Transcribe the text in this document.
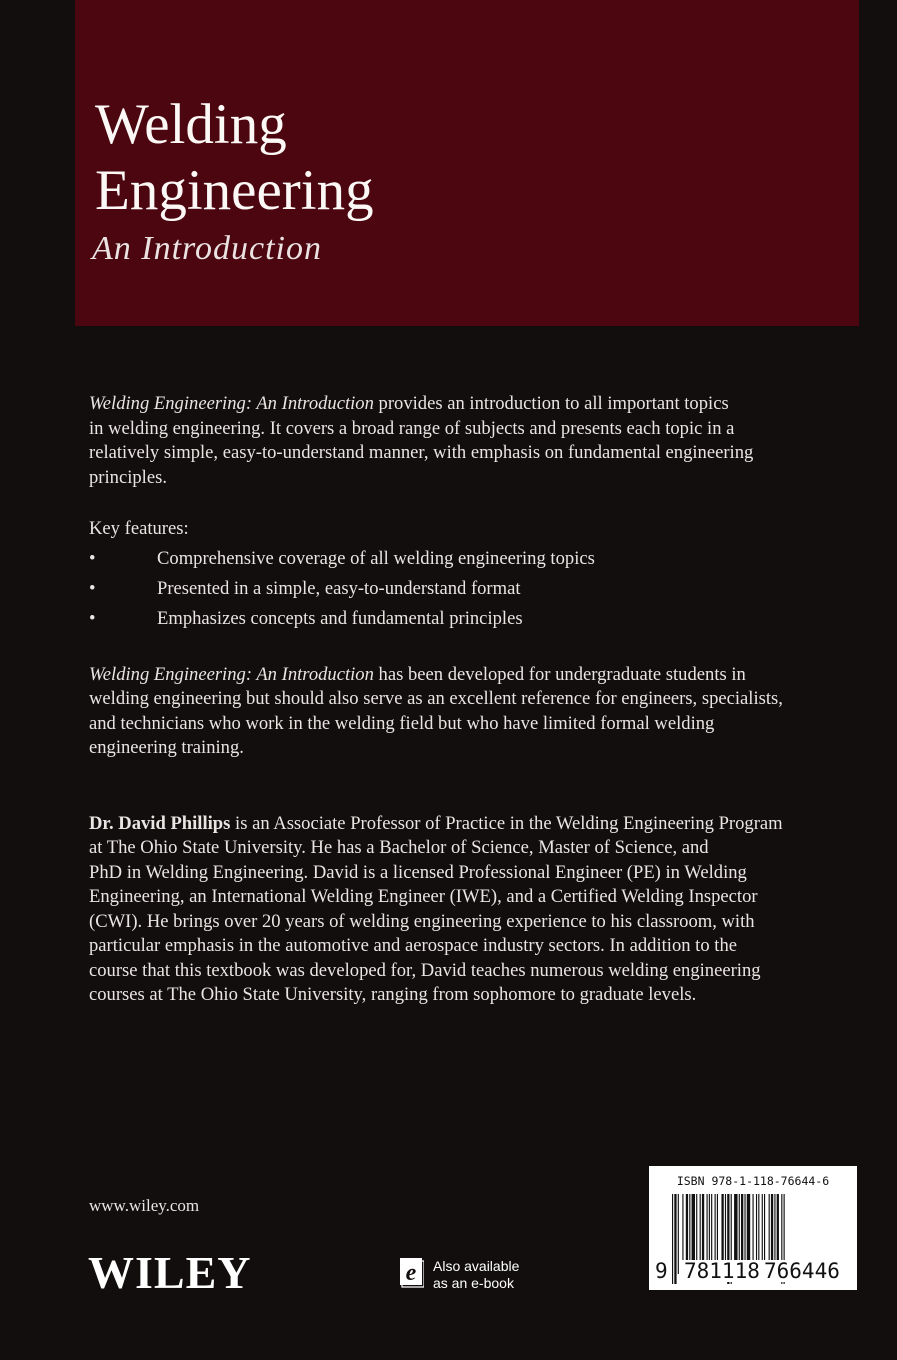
Welding
Engineering
An Introduction
Welding Engineering: An Introduction provides an introduction to all important topics
in welding engineering. It covers a broad range of subjects and presents each topic in a
relatively simple, easy-to-understand manner, with emphasis on fundamental engineering
principles.
Key features:
•	Comprehensive coverage of all welding engineering topics
•	Presented in a simple, easy-to-understand format
•	Emphasizes concepts and fundamental principles
Welding Engineering: An Introduction has been developed for undergraduate students in
welding engineering but should also serve as an excellent reference for engineers, specialists,
and technicians who work in the welding field but who have limited formal welding
engineering training.
Dr. David Phillips is an Associate Professor of Practice in the Welding Engineering Program
at The Ohio State University. He has a Bachelor of Science, Master of Science, and
PhD in Welding Engineering. David is a licensed Professional Engineer (PE) in Welding
Engineering, an International Welding Engineer (IWE), and a Certified Welding Inspector
(CWI). He brings over 20 years of welding engineering experience to his classroom, with
particular emphasis in the automotive and aerospace industry sectors. In addition to the
course that this textbook was developed for, David teaches numerous welding engineering
courses at The Ohio State University, ranging from sophomore to graduate levels.
www.wiley.com
WILEY	e Also available
as an e-book
ISBN 978-1-118-76644-6
9 781118 766446
